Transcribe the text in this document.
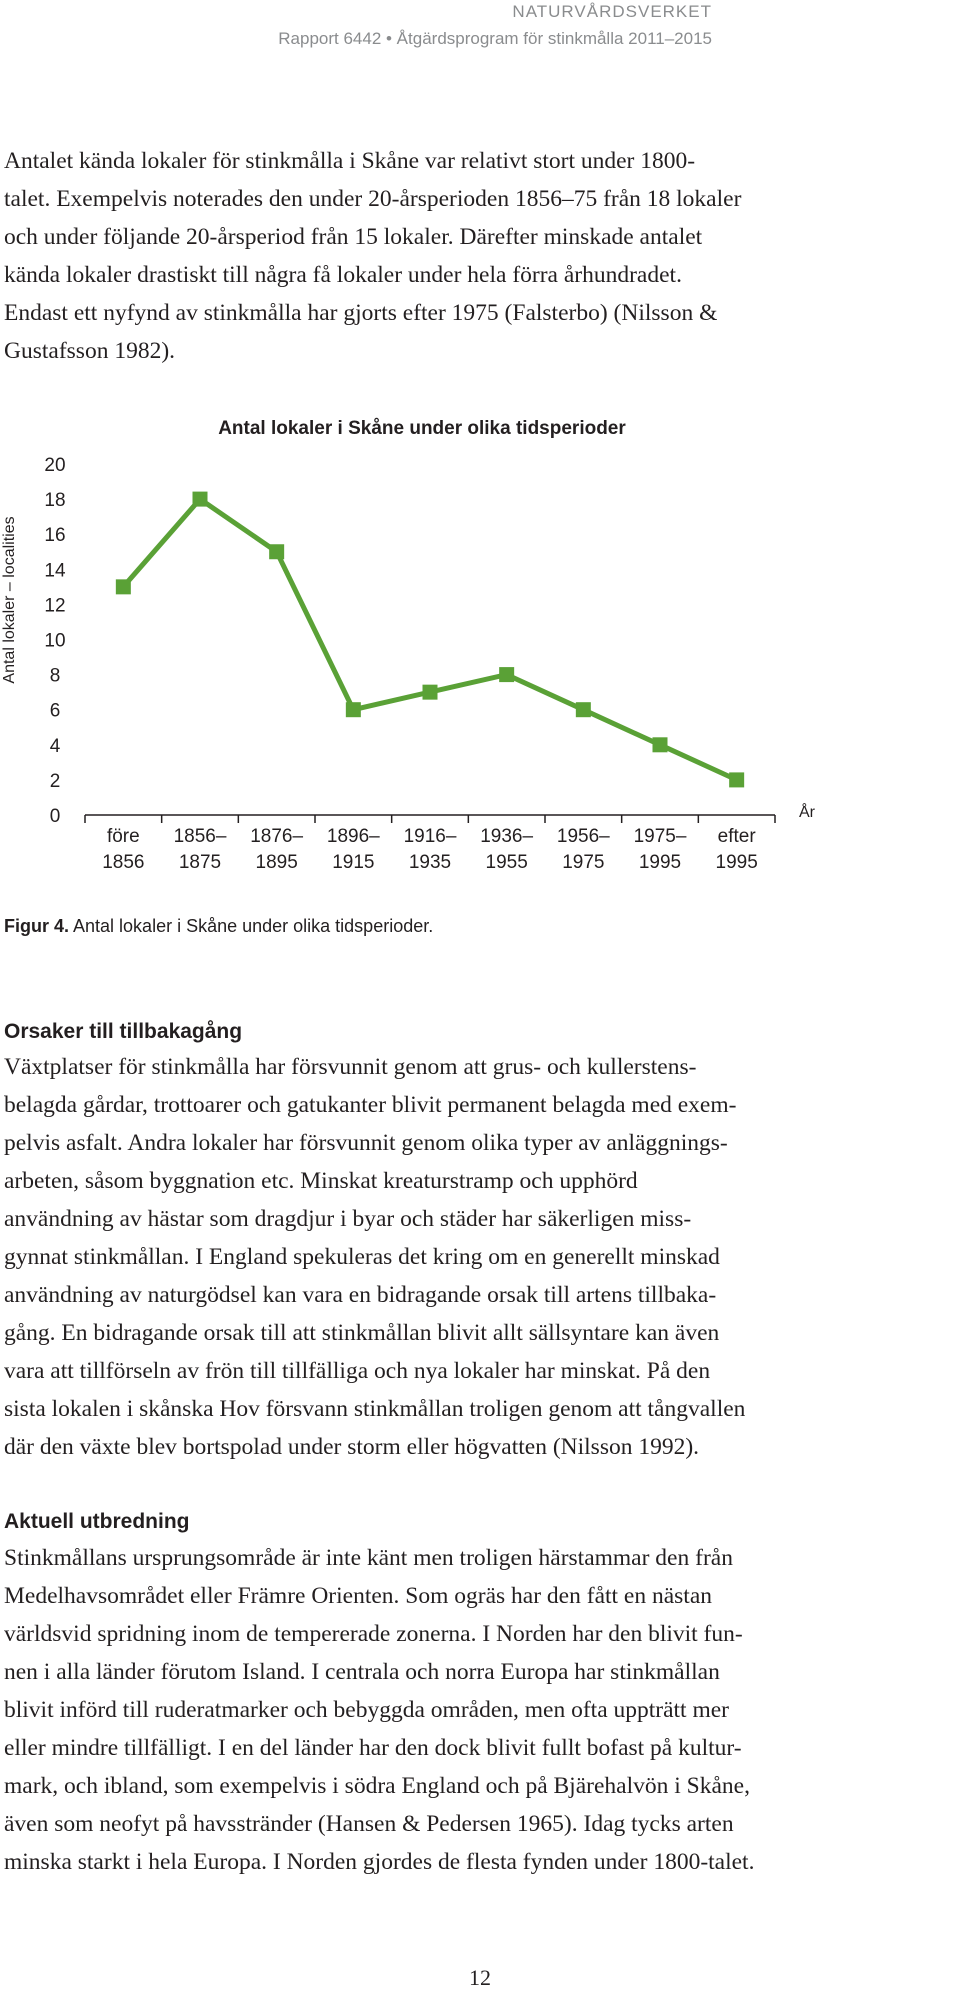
NATURVÅRDSVERKET
Rapport 6442 • Åtgärdsprogram för stinkmålla 2011–2015
Antalet kända lokaler för stinkmålla i Skåne var relativt stort under 1800-
talet. Exempelvis noterades den under 20-årsperioden 1856–75 från 18 lokaler
och under följande 20-årsperiod från 15 lokaler. Därefter minskade antalet
kända lokaler drastiskt till några få lokaler under hela förra århundradet.
Endast ett nyfynd av stinkmålla har gjorts efter 1975 (Falsterbo) (Nilsson &
Gustafsson 1982).
Antal lokaler i Skåne under olika tidsperioder
Antal lokaler – localities
År
0
2
4
6
8
10
12
14
16
18
20
före
1856
1856–
1875
1876–
1895
1896–
1915
1916–
1935
1936–
1955
1956–
1975
1975–
1995
efter
1995
Figur 4. Antal lokaler i Skåne under olika tidsperioder.
Orsaker till tillbakagång
Växtplatser för stinkmålla har försvunnit genom att grus- och kullerstens-
belagda gårdar, trottoarer och gatukanter blivit permanent belagda med exem-
pelvis asfalt. Andra lokaler har försvunnit genom olika typer av anläggnings-
arbeten, såsom byggnation etc. Minskat kreaturstramp och upphörd
användning av hästar som dragdjur i byar och städer har säkerligen miss-
gynnat stinkmållan. I England spekuleras det kring om en generellt minskad
användning av naturgödsel kan vara en bidragande orsak till artens tillbaka-
gång. En bidragande orsak till att stinkmållan blivit allt sällsyntare kan även
vara att tillförseln av frön till tillfälliga och nya lokaler har minskat. På den
sista lokalen i skånska Hov försvann stinkmållan troligen genom att tångvallen
där den växte blev bortspolad under storm eller högvatten (Nilsson 1992).
Aktuell utbredning
Stinkmållans ursprungsområde är inte känt men troligen härstammar den från
Medelhavsområdet eller Främre Orienten. Som ogräs har den fått en nästan
världsvid spridning inom de tempererade zonerna. I Norden har den blivit fun-
nen i alla länder förutom Island. I centrala och norra Europa har stinkmållan
blivit införd till ruderatmarker och bebyggda områden, men ofta uppträtt mer
eller mindre tillfälligt. I en del länder har den dock blivit fullt bofast på kultur-
mark, och ibland, som exempelvis i södra England och på Bjärehalvön i Skåne,
även som neofyt på havsstränder (Hansen & Pedersen 1965). Idag tycks arten
minska starkt i hela Europa. I Norden gjordes de flesta fynden under 1800-talet.
12
